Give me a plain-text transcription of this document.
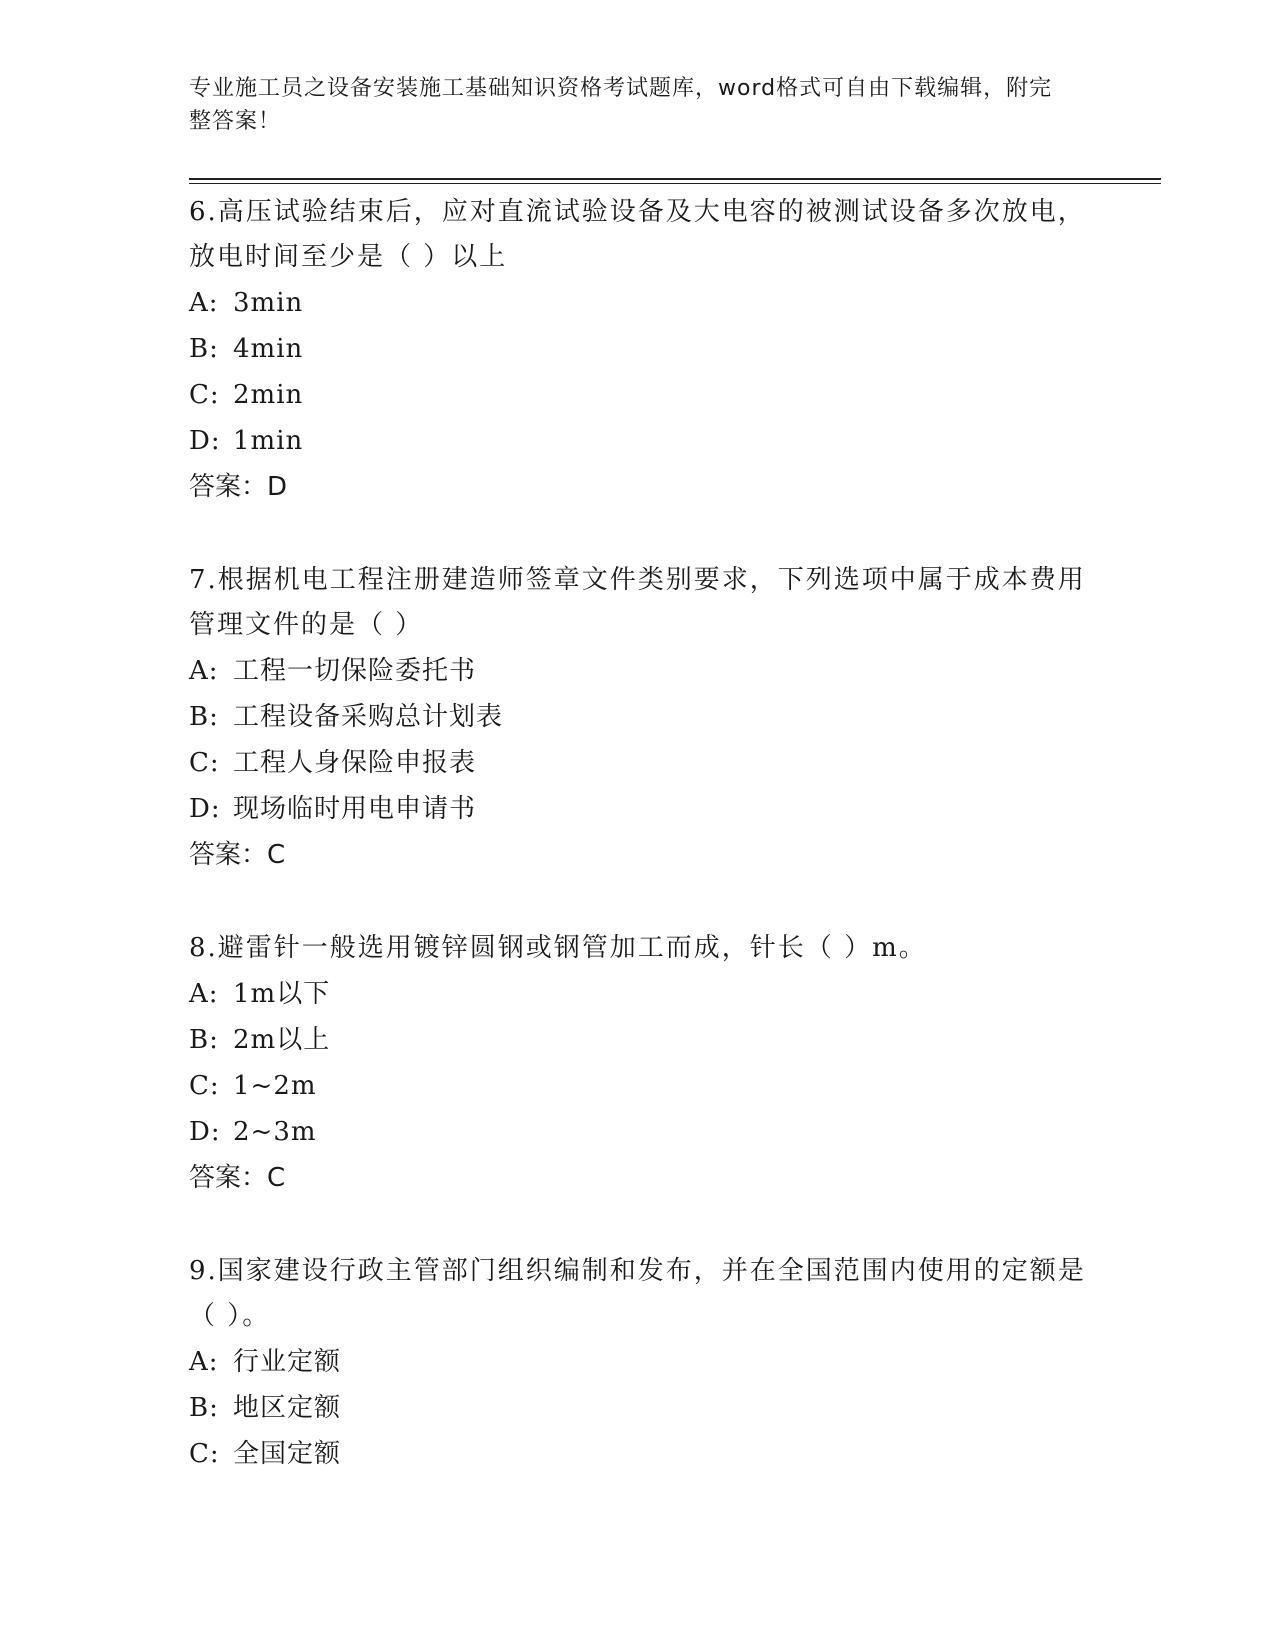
专业施工员之设备安装施工基础知识资格考试题库，word格式可自由下载编辑，附完整答案！

6.高压试验结束后，应对直流试验设备及大电容的被测试设备多次放电，放电时间至少是（ ）以上

A: 3min

B: 4min

C: 2min

D: 1min

答案：D

7.根据机电工程注册建造师签章文件类别要求，下列选项中属于成本费用管理文件的是（ ）

A: 工程一切保险委托书

B: 工程设备采购总计划表

C: 工程人身保险申报表

D: 现场临时用电申请书

答案：C

8.避雷针一般选用镀锌圆钢或钢管加工而成，针长（ ）m。

A: 1m以下

B: 2m以上

C: 1~2m

D: 2~3m

答案：C

9.国家建设行政主管部门组织编制和发布，并在全国范围内使用的定额是（ ）。

A: 行业定额

B: 地区定额

C: 全国定额
